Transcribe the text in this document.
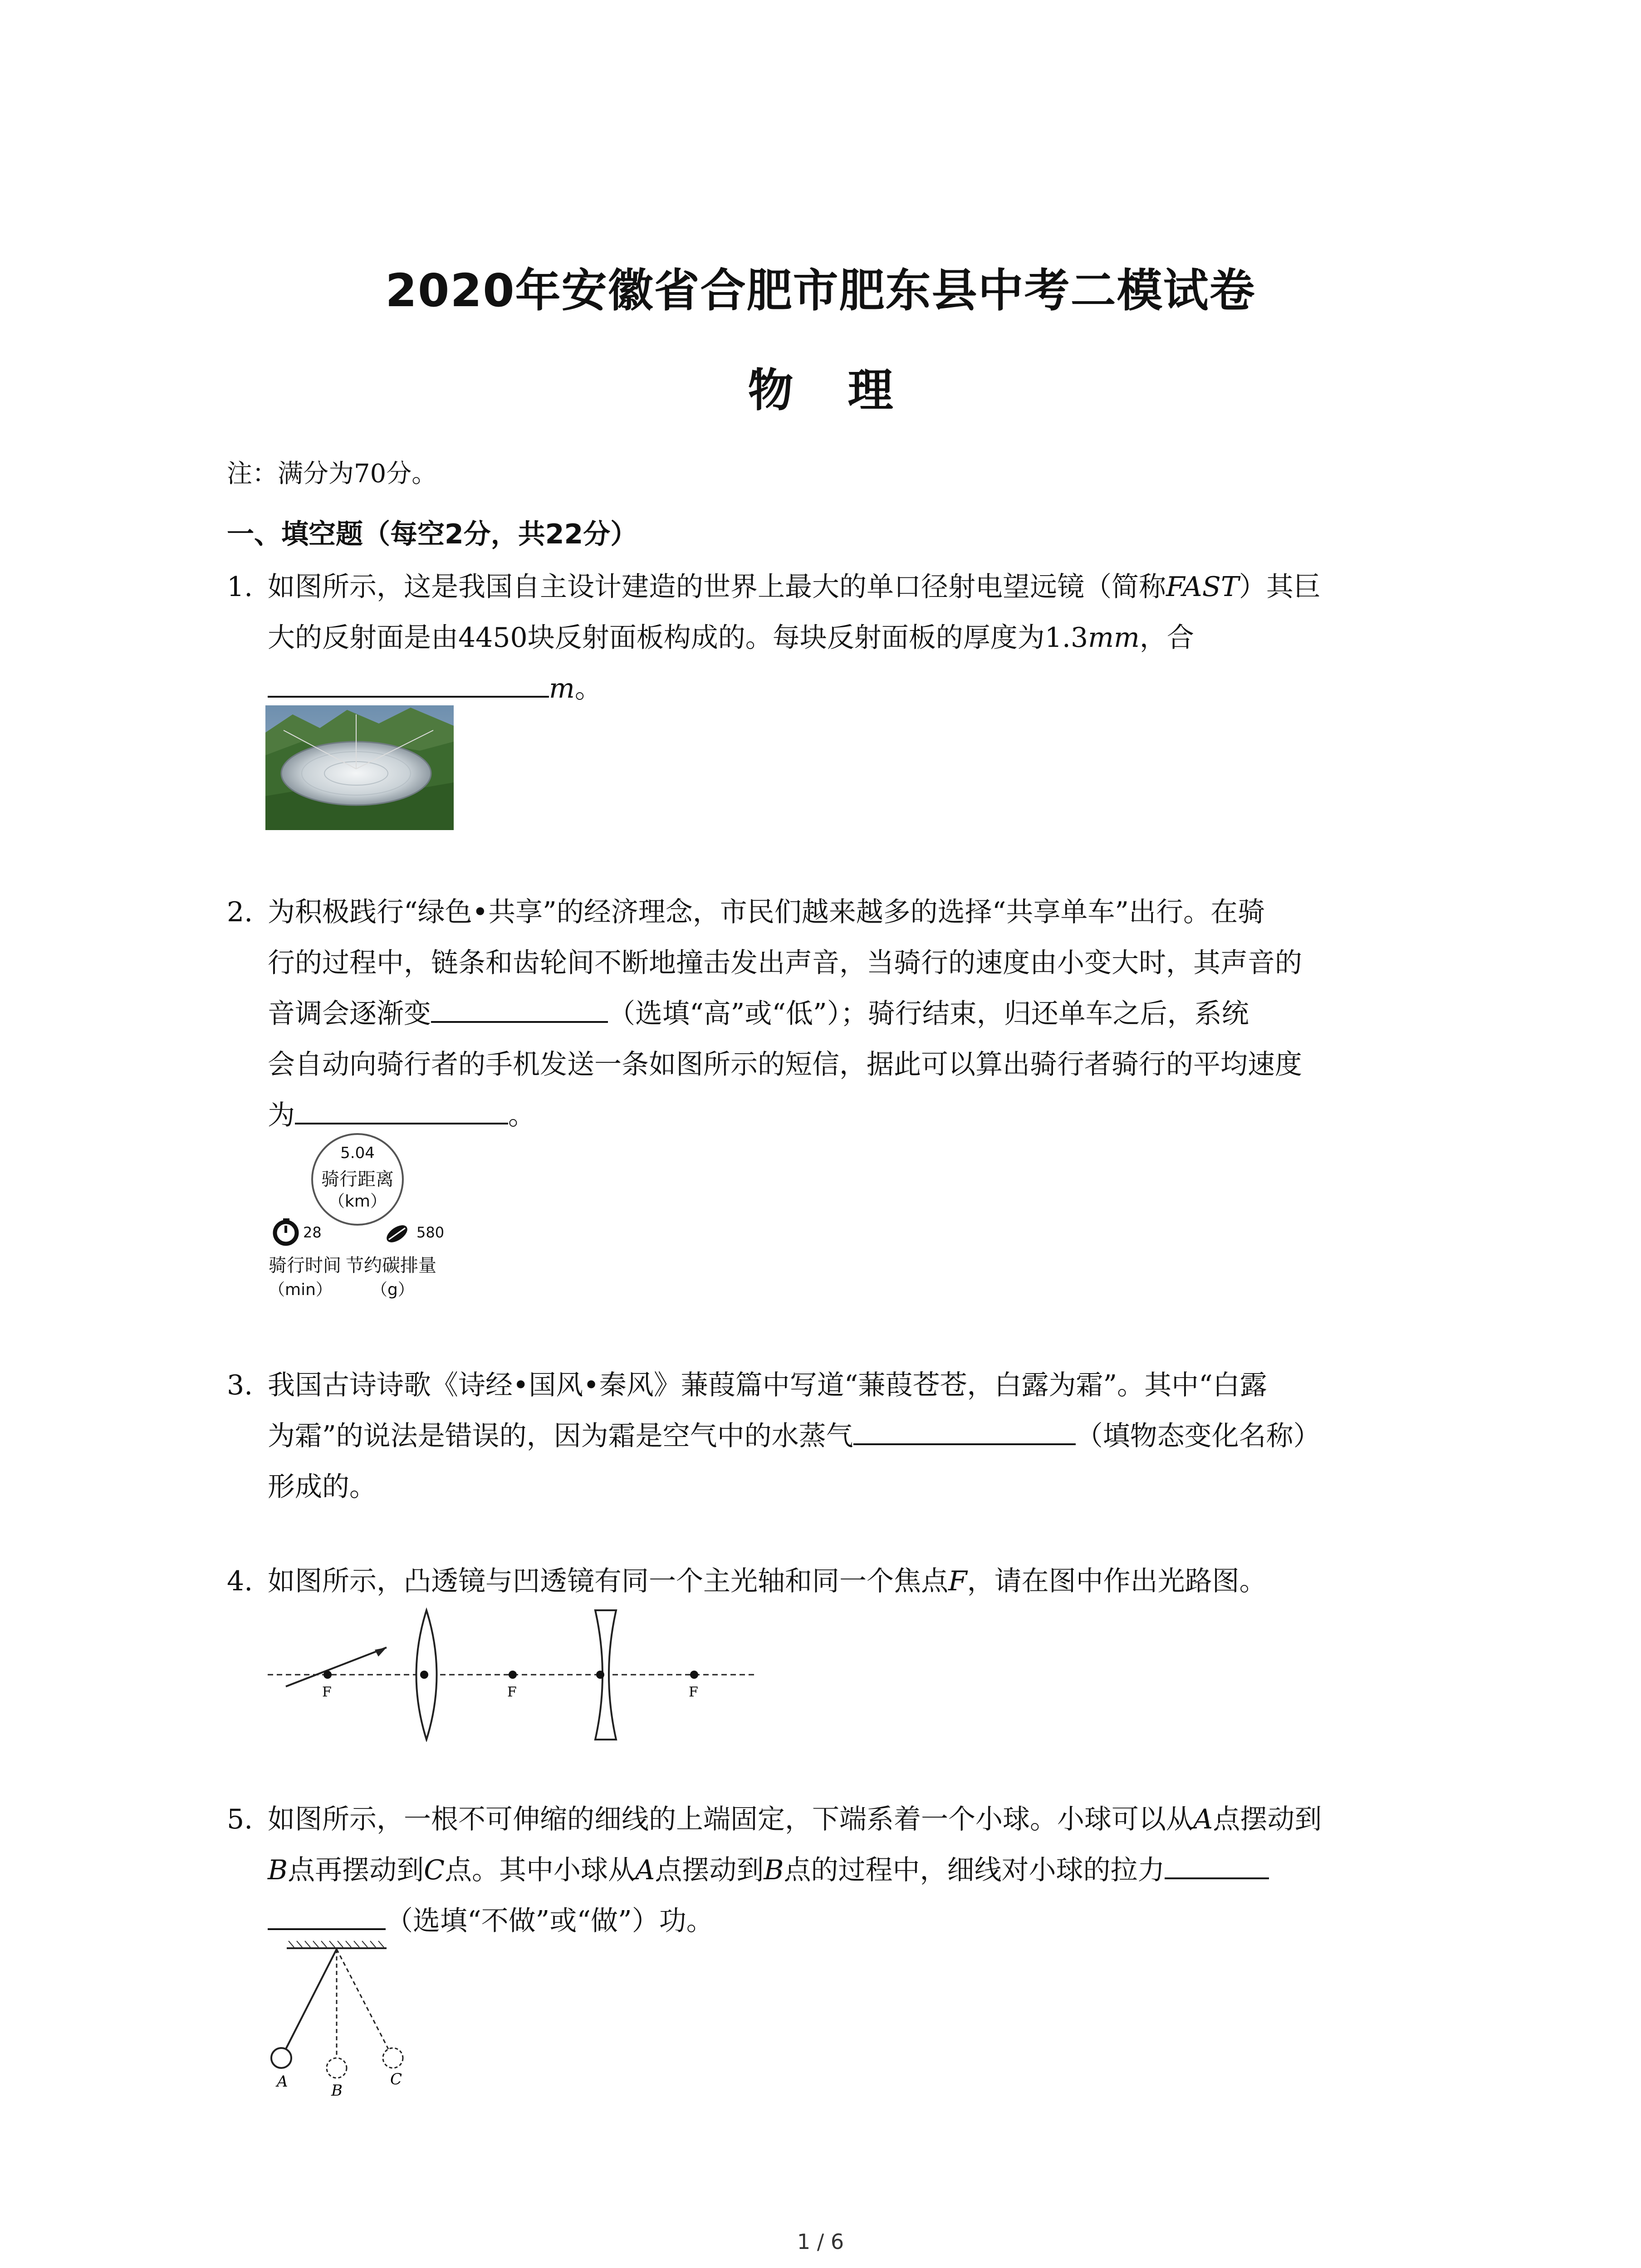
2020年安徽省合肥市肥东县中考二模试卷
物 理
注：满分为70分。
一、填空题（每空2分，共22分）
1. 如图所示，这是我国自主设计建造的世界上最大的单口径射电望远镜（简称FAST）其巨
大的反射面是由4450块反射面板构成的。每块反射面板的厚度为1.3mm，合
m。
2. 为积极践行“绿色•共享”的经济理念，市民们越来越多的选择“共享单车”出行。在骑
行的过程中，链条和齿轮间不断地撞击发出声音，当骑行的速度由小变大时，其声音的
音调会逐渐变	（选填“高”或“低”）；骑行结束，归还单车之后，系统
会自动向骑行者的手机发送一条如图所示的短信，据此可以算出骑行者骑行的平均速度
为	。
5.04
骑行距离
（km）
28	580
骑行时间 节约碳排量
（min） （g）
3. 我国古诗诗歌《诗经•国风•秦风》蒹葭篇中写道“蒹葭苍苍，白露为霜”。其中“白露
为霜”的说法是错误的，因为霜是空气中的水蒸气	（填物态变化名称）
形成的。
4. 如图所示，凸透镜与凹透镜有同一个主光轴和同一个焦点F，请在图中作出光路图。
F	F	F
5. 如图所示，一根不可伸缩的细线的上端固定，下端系着一个小球。小球可以从A点摆动到
B点再摆动到C点。其中小球从A点摆动到B点的过程中，细线对小球的拉力
（选填“不做”或“做”）功。
A	B
C
1 / 6
